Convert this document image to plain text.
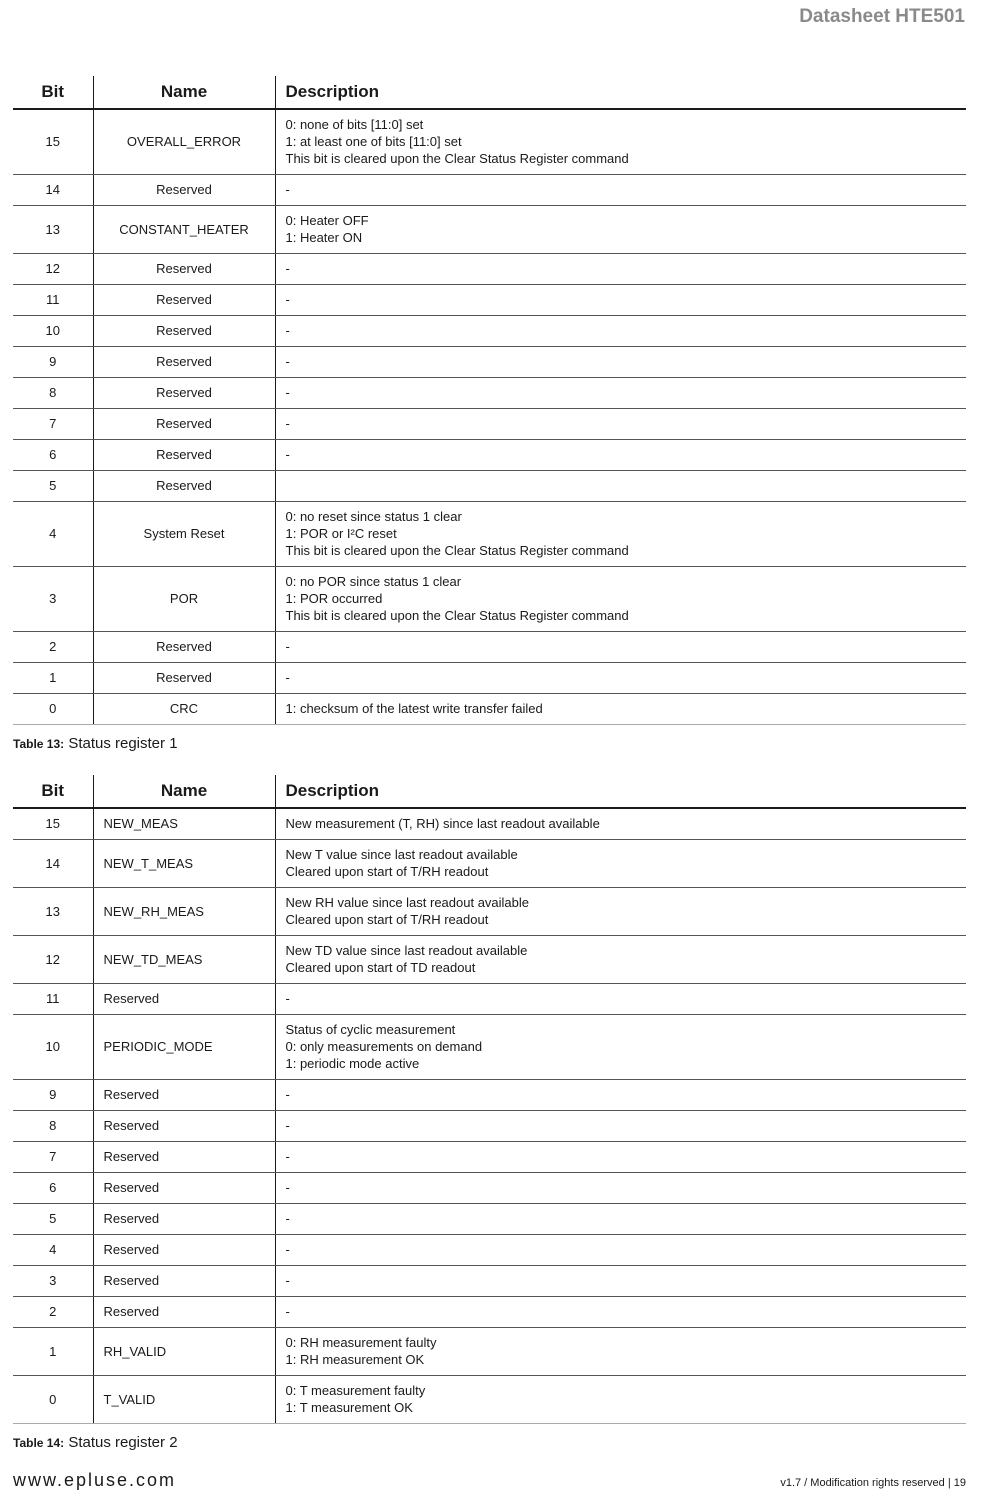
Datasheet HTE501
Bit	Name	Description
15	OVERALL_ERROR	0: none of bits [11:0] set
1: at least one of bits [11:0] set
This bit is cleared upon the Clear Status Register command

14	Reserved	-

13	CONSTANT_HEATER	0: Heater OFF
1: Heater ON

12	Reserved	-

11	Reserved	-

10	Reserved	-

9	Reserved	-

8	Reserved	-

7	Reserved	-

6	Reserved	-

5	Reserved	
4	System Reset	0: no reset since status 1 clear
1: POR or I²C reset
This bit is cleared upon the Clear Status Register command

3	POR	0: no POR since status 1 clear
1: POR occurred
This bit is cleared upon the Clear Status Register command

2	Reserved	-

1	Reserved	-

0	CRC	1: checksum of the latest write transfer failed
Table 13: Status register 1
Bit	Name	Description
15	NEW_MEAS	New measurement (T, RH) since last readout available

14	NEW_T_MEAS	New T value since last readout available
Cleared upon start of T/RH readout

13	NEW_RH_MEAS	New RH value since last readout available
Cleared upon start of T/RH readout

12	NEW_TD_MEAS	New TD value since last readout available
Cleared upon start of TD readout

11	Reserved	-

10	PERIODIC_MODE	Status of cyclic measurement
0: only measurements on demand
1: periodic mode active

9	Reserved	-

8	Reserved	-

7	Reserved	-

6	Reserved	-

5	Reserved	-

4	Reserved	-

3	Reserved	-

2	Reserved	-

1	RH_VALID	0: RH measurement faulty
1: RH measurement OK

0	T_VALID	0: T measurement faulty
1: T measurement OK
Table 14: Status register 2
www.epluse.com	v1.7 / Modification rights reserved | 19
